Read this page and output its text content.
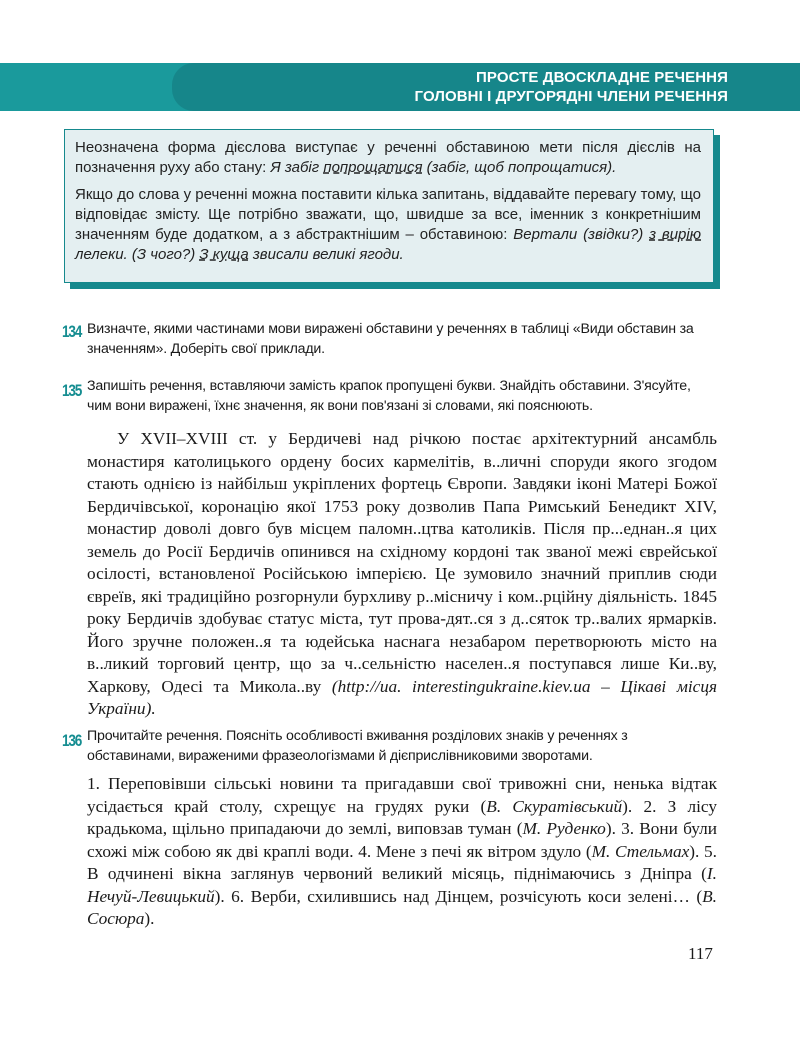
ПРОСТЕ ДВОСКЛАДНЕ РЕЧЕННЯ
ГОЛОВНІ І ДРУГОРЯДНІ ЧЛЕНИ РЕЧЕННЯ

Неозначена форма дієслова виступає у реченні обставиною мети після дієслів на позначення руху або стану: Я забіг попрощатися (забіг, щоб попрощатися).

Якщо до слова у реченні можна поставити кілька запитань, віддавайте перевагу тому, що відповідає змісту. Ще потрібно зважати, що, швидше за все, іменник з конкретнішим значенням буде додатком, а з абстрактнішим – обставиною: Вертали (звідки?) з вирію лелеки. (З чого?) З куща звисали великі ягоди.

134 Визначте, якими частинами мови виражені обставини у реченнях в таблиці «Види обставин за значенням». Доберіть свої приклади.
135 Запишіть речення, вставляючи замість крапок пропущені букви. Знайдіть обставини. З'ясуйте, чим вони виражені, їхнє значення, як вони пов'язані зі словами, які пояснюють.

У XVII–XVIII ст. у Бердичеві над річкою постає архітектурний ансамбль монастиря католицького ордену босих кармелітів, в..личні споруди якого згодом стають однією із найбільш укріплених фортець Європи. Завдяки іконі Матері Божої Бердичівської, коронацію якої 1753 року дозволив Папа Римський Бенедикт XIV, монастир доволі довго був місцем паломн..цтва католиків. Після пр...еднан..я цих земель до Росії Бердичів опинився на східному кордоні так званої межі єврейської осілості, встановленої Російською імперією. Це зумовило значний приплив сюди євреїв, які традиційно розгорнули бурхливу р..місничу і ком..рційну діяльність. 1845 року Бердичів здобуває статус міста, тут прова-дят..ся з д..сяток тр..валих ярмарків. Його зручне положен..я та юдейська наснага незабаром перетворюють місто на в..ликий торговий центр, що за ч..сельністю населен..я поступався лише Ки..ву, Харкову, Одесі та Микола..ву (http://ua. interestingukraine.kiev.ua – Цікаві місця України).

136 Прочитайте речення. Поясніть особливості вживання розділових знаків у реченнях з обставинами, вираженими фразеологізмами й дієприслівниковими зворотами.

1. Переповівши сільські новини та пригадавши свої тривожні сни, ненька відтак усідається край столу, схрещує на грудях руки (В. Скуратівський). 2. З лісу крадькома, щільно припадаючи до землі, виповзав туман (М. Руденко). 3. Вони були схожі між собою як дві краплі води. 4. Мене з печі як вітром здуло (М. Стельмах). 5. В одчинені вікна заглянув червоний великий місяць, піднімаючись з Дніпра (І. Нечуй-Левицький). 6. Верби, схилившись над Дінцем, розчісують коси зелені… (В. Сосюра).

117
